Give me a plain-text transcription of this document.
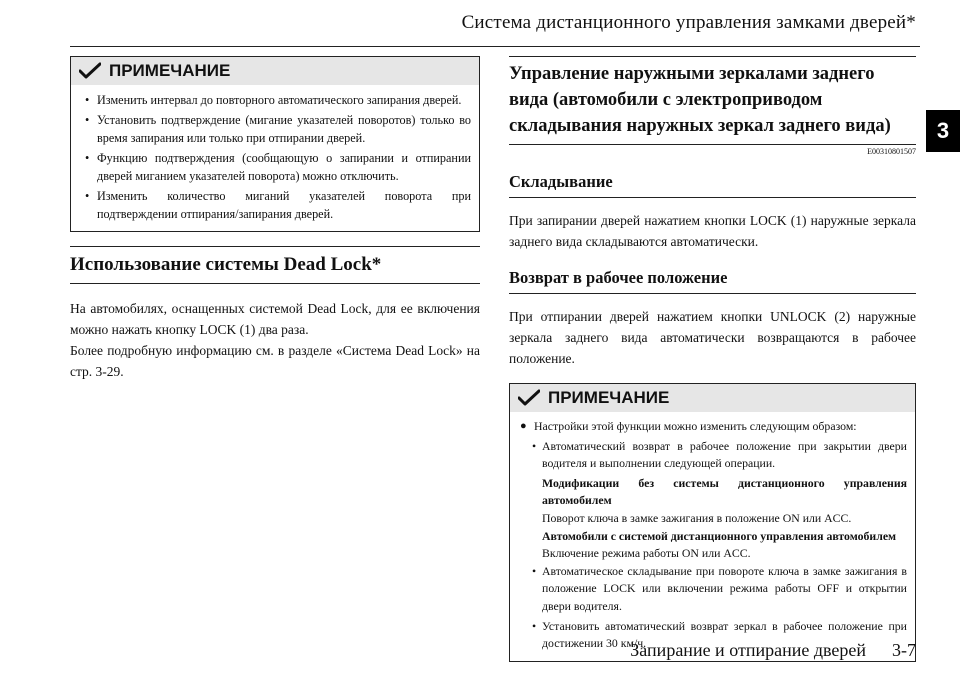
Система дистанционного управления замками дверей*
3
ПРИМЕЧАНИЕ
• Изменить интервал до повторного автоматического запирания дверей.
• Установить подтверждение (мигание указателей поворотов) только во время запирания или только при отпирании дверей.
• Функцию подтверждения (сообщающую о запирании и отпирании дверей миганием указателей поворота) можно отключить.
• Изменить количество миганий указателей поворота при подтверждении отпирания/запирания дверей.
Использование системы Dead Lock*
На автомобилях, оснащенных системой Dead Lock, для ее включения можно нажать кнопку LOCK (1) два раза.
Более подробную информацию см. в разделе «Система Dead Lock» на стр. 3-29.
Управление наружными зеркалами заднего вида (автомобили с электроприводом складывания наружных зеркал заднего вида)
E00310801507
Складывание
При запирании дверей нажатием кнопки LOCK (1) наружные зеркала заднего вида складываются автоматически.
Возврат в рабочее положение
При отпирании дверей нажатием кнопки UNLOCK (2) наружные зеркала заднего вида автоматически возвращаются в рабочее положение.
ПРИМЕЧАНИЕ
● Настройки этой функции можно изменить следующим образом:
• Автоматический возврат в рабочее положение при закрытии двери водителя и выполнении следующей операции.
Модификации без системы дистанционного управления автомобилем
Поворот ключа в замке зажигания в положение ON или ACC.
Автомобили с системой дистанционного управления автомобилем
Включение режима работы ON или ACC.
• Автоматическое складывание при повороте ключа в замке зажигания в положение LOCK или включении режима работы OFF и открытии двери водителя.
• Установить автоматический возврат зеркал в рабочее положение при достижении 30 км/ч.
Запирание и отпирание дверей 3-7
